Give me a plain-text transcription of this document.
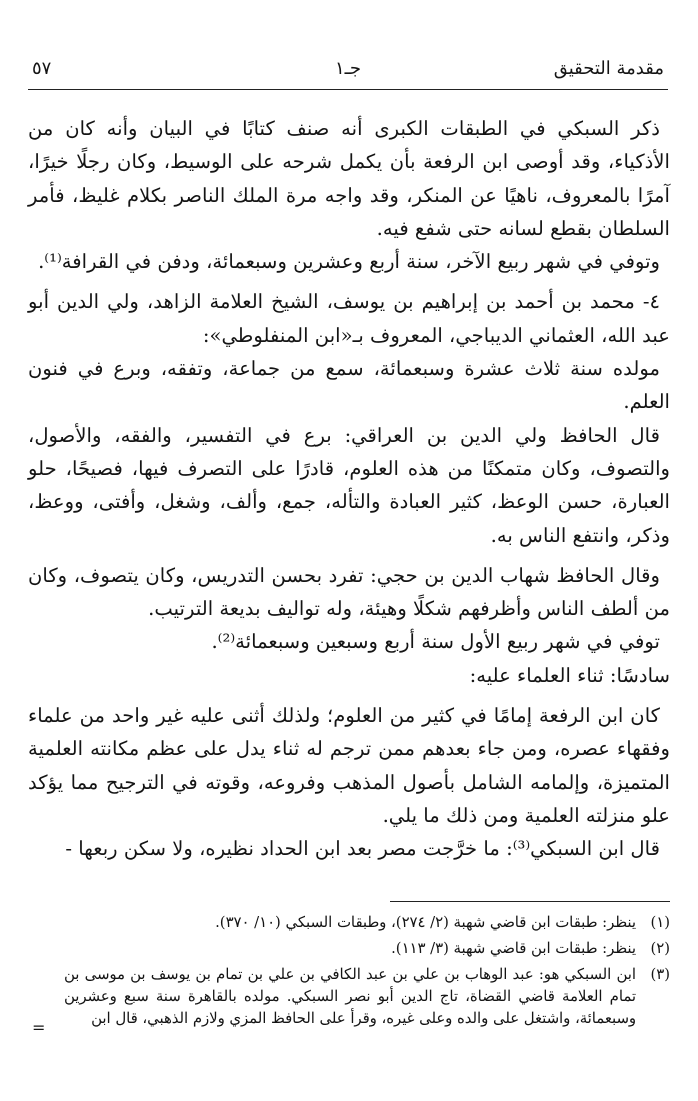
٥٧	جـ١	مقدمة التحقيق

ذكر السبكي في الطبقات الكبرى أنه صنف كتابًا في البيان وأنه كان من الأذكياء، وقد أوصى ابن الرفعة بأن يكمل شرحه على الوسيط، وكان رجلًا خيرًا، آمرًا بالمعروف، ناهيًا عن المنكر، وقد واجه مرة الملك الناصر بكلام غليظ، فأمر السلطان بقطع لسانه حتى شفع فيه.

وتوفي في شهر ربيع الآخر، سنة أربع وعشرين وسبعمائة، ودفن في القرافة⁽¹⁾.

٤- محمد بن أحمد بن إبراهيم بن يوسف، الشيخ العلامة الزاهد، ولي الدين أبو عبد الله، العثماني الديباجي، المعروف بـ«ابن المنفلوطي»:

مولده سنة ثلاث عشرة وسبعمائة، سمع من جماعة، وتفقه، وبرع في فنون العلم.

قال الحافظ ولي الدين بن العراقي: برع في التفسير، والفقه، والأصول، والتصوف، وكان متمكنًا من هذه العلوم، قادرًا على التصرف فيها، فصيحًا، حلو العبارة، حسن الوعظ، كثير العبادة والتأله، جمع، وألف، وشغل، وأفتى، ووعظ، وذكر، وانتفع الناس به.

وقال الحافظ شهاب الدين بن حجي: تفرد بحسن التدريس، وكان يتصوف، وكان من ألطف الناس وأظرفهم شكلًا وهيئة، وله تواليف بديعة الترتيب.

توفي في شهر ربيع الأول سنة أربع وسبعين وسبعمائة⁽²⁾.

سادسًا: ثناء العلماء عليه:

كان ابن الرفعة إمامًا في كثير من العلوم؛ ولذلك أثنى عليه غير واحد من علماء وفقهاء عصره، ومن جاء بعدهم ممن ترجم له ثناء يدل على عظم مكانته العلمية المتميزة، وإلمامه الشامل بأصول المذهب وفروعه، وقوته في الترجيح مما يؤكد علو منزلته العلمية ومن ذلك ما يلي.

قال ابن السبكي⁽³⁾: ما خرَّجت مصر بعد ابن الحداد نظيره، ولا سكن ربعها -

(١)
ينظر: طبقات ابن قاضي شهبة (٢/ ٢٧٤)، وطبقات السبكي (١٠/ ٣٧٠).

(٢)
ينظر: طبقات ابن قاضي شهبة (٣/ ١١٣).

(٣)
ابن السبكي هو: عبد الوهاب بن علي بن عبد الكافي بن علي بن تمام بن يوسف بن موسى بن تمام العلامة قاضي القضاة، تاج الدين أبو نصر السبكي. مولده بالقاهرة سنة سبع وعشرين وسبعمائة، واشتغل على والده وعلى غيره، وقرأ على الحافظ المزي ولازم الذهبي، قال ابن

=
